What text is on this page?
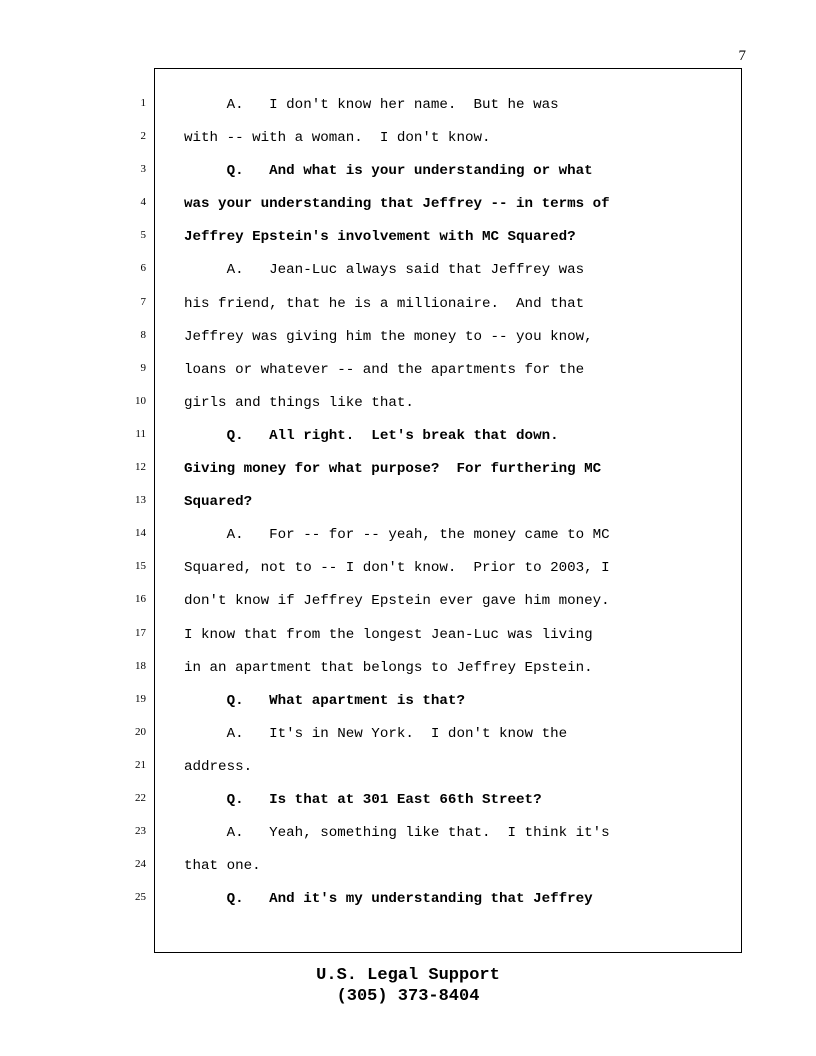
7
1	A.   I don't know her name.  But he was
2	with -- with a woman.  I don't know.
3	Q.   And what is your understanding or what
4	was your understanding that Jeffrey -- in terms of
5	Jeffrey Epstein's involvement with MC Squared?
6	A.   Jean-Luc always said that Jeffrey was
7	his friend, that he is a millionaire.  And that
8	Jeffrey was giving him the money to -- you know,
9	loans or whatever -- and the apartments for the
10	girls and things like that.
11	Q.   All right.  Let's break that down.
12	Giving money for what purpose?  For furthering MC
13	Squared?
14	A.   For -- for -- yeah, the money came to MC
15	Squared, not to -- I don't know.  Prior to 2003, I
16	don't know if Jeffrey Epstein ever gave him money.
17	I know that from the longest Jean-Luc was living
18	in an apartment that belongs to Jeffrey Epstein.
19	Q.   What apartment is that?
20	A.   It's in New York.  I don't know the
21	address.
22	Q.   Is that at 301 East 66th Street?
23	A.   Yeah, something like that.  I think it's
24	that one.
25	Q.   And it's my understanding that Jeffrey
U.S. Legal Support
(305) 373-8404
